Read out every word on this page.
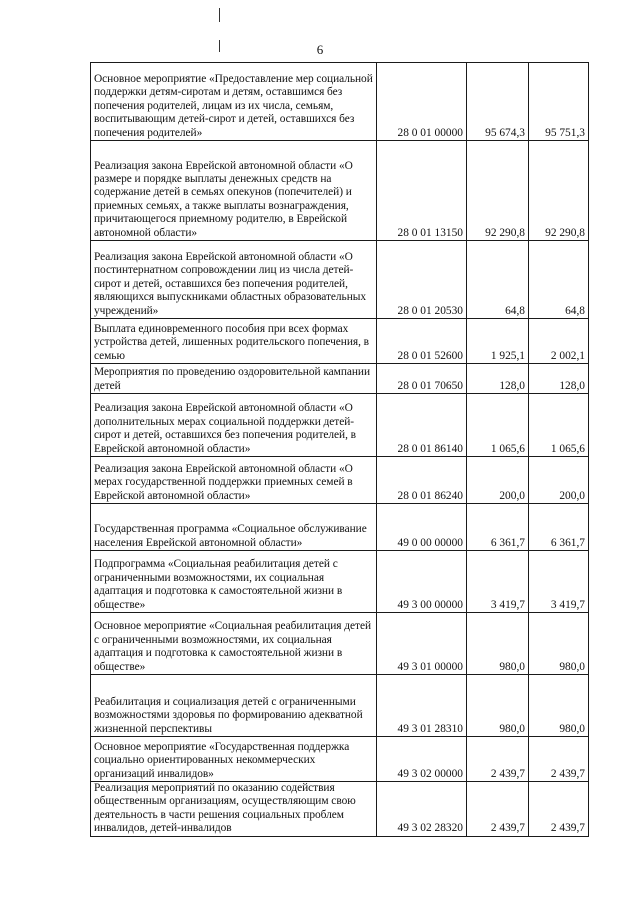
6
Основное мероприятие «Предоставление мер социальной поддержки детям-сиротам и детям, оставшимся без попечения родителей, лицам из их числа, семьям, воспитывающим детей-сирот и детей, оставшихся без попечения родителей»	28 0 01 00000	95 674,3	95 751,3
Реализация закона Еврейской автономной области «О размере и порядке выплаты денежных средств на содержание детей в семьях опекунов (попечителей) и приемных семьях, а также выплаты вознаграждения, причитающегося приемному родителю, в Еврейской автономной области»	28 0 01 13150	92 290,8	92 290,8
Реализация закона Еврейской автономной области «О постинтернатном сопровождении лиц из числа детей-сирот и детей, оставшихся без попечения родителей, являющихся выпускниками областных образовательных учреждений»	28 0 01 20530	64,8	64,8
Выплата единовременного пособия при всех формах устройства детей, лишенных родительского попечения, в семью	28 0 01 52600	1 925,1	2 002,1
Мероприятия по проведению оздоровительной кампании детей	28 0 01 70650	128,0	128,0
Реализация закона Еврейской автономной области «О дополнительных мерах социальной поддержки детей-сирот и детей, оставшихся без попечения родителей, в Еврейской автономной области»	28 0 01 86140	1 065,6	1 065,6
Реализация закона Еврейской автономной области «О мерах государственной поддержки приемных семей в Еврейской автономной области»	28 0 01 86240	200,0	200,0
Государственная программа «Социальное обслуживание населения Еврейской автономной области»	49 0 00 00000	6 361,7	6 361,7
Подпрограмма «Социальная реабилитация детей с ограниченными возможностями, их социальная адаптация и подготовка к самостоятельной жизни в обществе»	49 3 00 00000	3 419,7	3 419,7
Основное мероприятие «Социальная реабилитация детей с ограниченными возможностями, их социальная адаптация и подготовка к самостоятельной жизни в обществе»	49 3 01 00000	980,0	980,0
Реабилитация и социализация детей с ограниченными возможностями здоровья по формированию адекватной жизненной перспективы	49 3 01 28310	980,0	980,0
Основное мероприятие «Государственная поддержка социально ориентированных некоммерческих организаций инвалидов»	49 3 02 00000	2 439,7	2 439,7
Реализация мероприятий по оказанию содействия общественным организациям, осуществляющим свою деятельность в части решения социальных проблем инвалидов, детей-инвалидов	49 3 02 28320	2 439,7	2 439,7
